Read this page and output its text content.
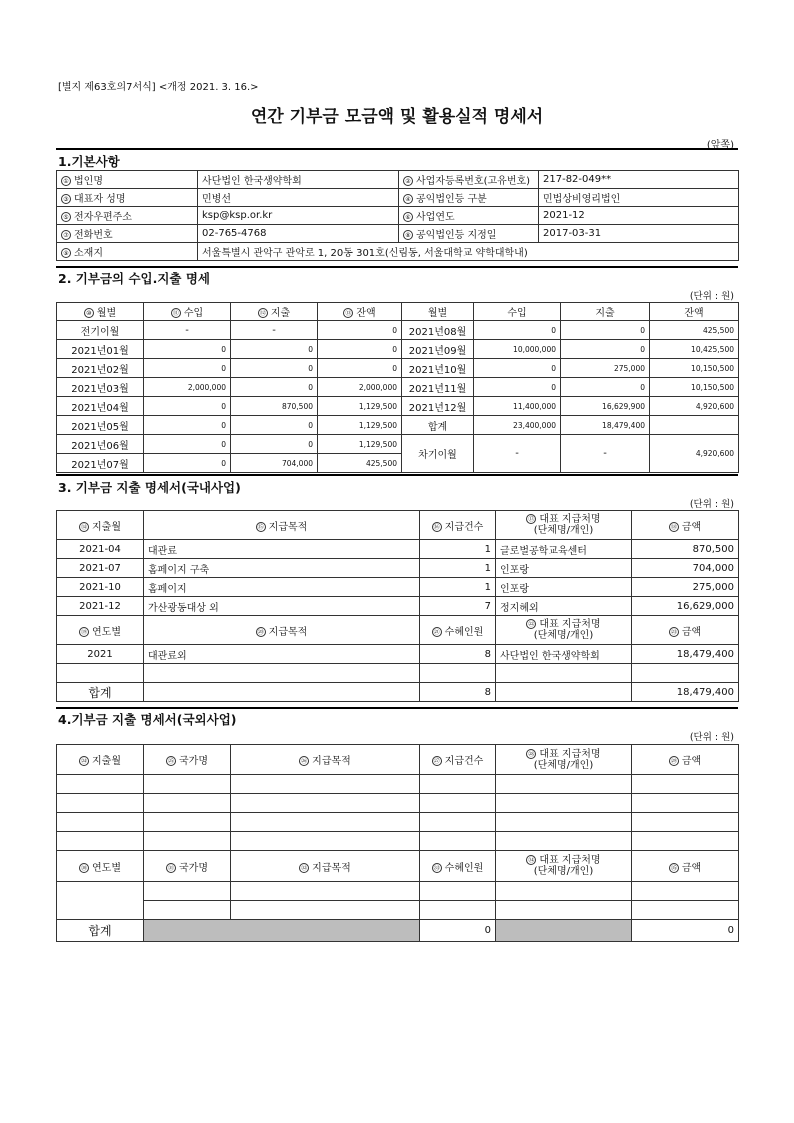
[별지 제63호의7서식] <개정 2021. 3. 16.>
연간 기부금 모금액 및 활용실적 명세서
(앞쪽)
1.기본사항
① 법인명	사단법인 한국생약학회	② 사업자등록번호(고유번호)	217-82-049**
③ 대표자 성명	민병선	④ 공익법인등 구분	민법상비영리법인
⑤ 전자우편주소	ksp@ksp.or.kr	⑥ 사업연도	2021-12
⑦ 전화번호	02-765-4768	⑧ 공익법인등 지정일	2017-03-31
⑨ 소재지	서울특별시 관악구 관악로 1, 20동 301호(신림동, 서울대학교 약학대학내)		
2. 기부금의 수입.지출 명세
(단위 : 원)
⑩ 월별	⑪ 수입	⑫ 지출	⑬ 잔액	월별	수입	지출	잔액
전기이월	-	-	0	2021년08월	0	0	425,500
2021년01월	0	0	0	2021년09월	10,000,000	0	10,425,500
2021년02월	0	0	0	2021년10월	0	275,000	10,150,500
2021년03월	2,000,000	0	2,000,000	2021년11월	0	0	10,150,500
2021년04월	0	870,500	1,129,500	2021년12월	11,400,000	16,629,900	4,920,600
2021년05월	0	0	1,129,500	합계	23,400,000	18,479,400	
2021년06월	0	0	1,129,500	차기이월	-	-	4,920,600
2021년07월	0	704,000	425,500				
3. 기부금 지출 명세서(국내사업)
(단위 : 원)
⑭ 지출월	⑮ 지급목적	⑯ 지급건수	⑰ 대표 지급처명
(단체명/개인)	⑱ 금액
2021-04	대관료	1	글로벌공학교육센터	870,500
2021-07	홈페이지 구축	1	인포랑	704,000
2021-10	홈페이지	1	인포랑	275,000
2021-12	가산광동대상 외	7	정지혜외	16,629,000
⑲ 연도별	⑳ 지급목적	㉑ 수혜인원	㉒ 대표 지급처명
(단체명/개인)	㉓ 금액
2021	대관료외	8	사단법인 한국생약학회	18,479,400

합계		8		18,479,400
4.기부금 지출 명세서(국외사업)
(단위 : 원)
㉔ 지출월	㉕ 국가명	㉖ 지급목적	㉗ 지급건수	㉘ 대표 지급처명
(단체명/개인)	㉙ 금액

㉚ 연도별	㉛ 국가명	㉜ 지급목적	㉝ 수혜인원	㉞ 대표 지급처명
(단체명/개인)	㉟ 금액

합계			0		0
